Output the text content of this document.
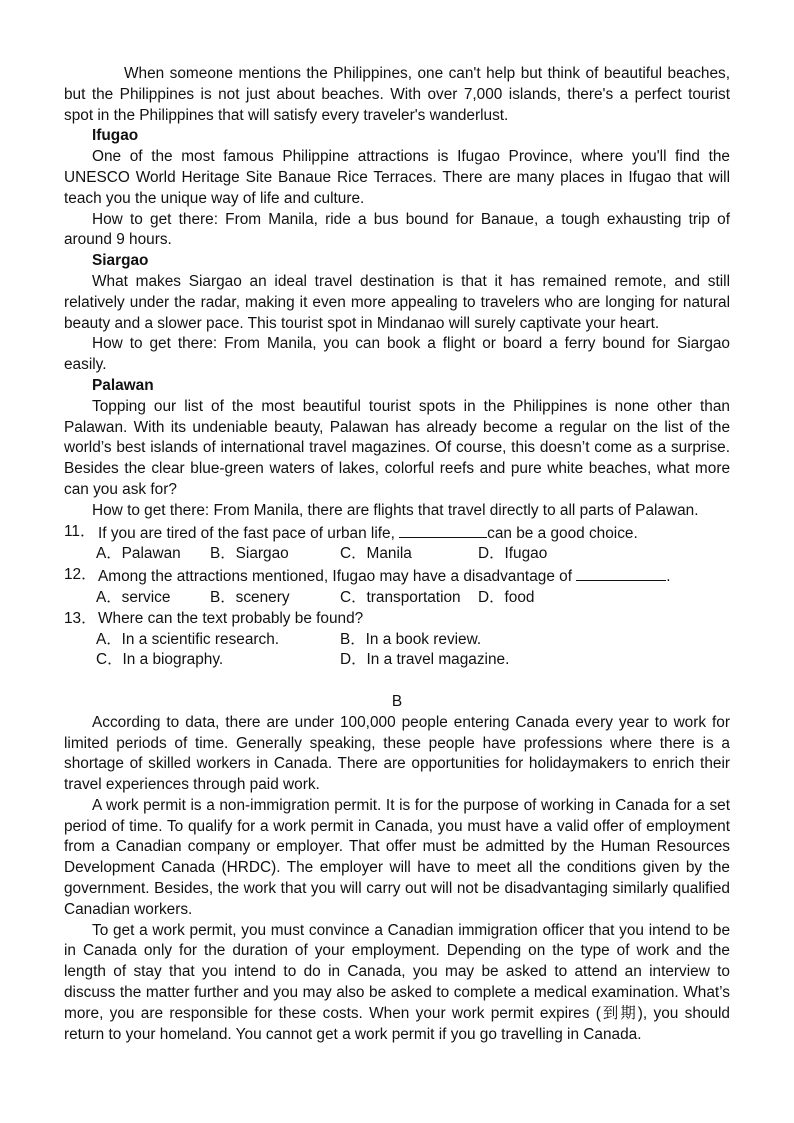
When someone mentions the Philippines, one can't help but think of beautiful beaches, but the Philippines is not just about beaches. With over 7,000 islands, there's a perfect tourist spot in the Philippines that will satisfy every traveler's wanderlust.

Ifugao

One of the most famous Philippine attractions is Ifugao Province, where you'll find the UNESCO World Heritage Site Banaue Rice Terraces. There are many places in Ifugao that will teach you the unique way of life and culture.

How to get there: From Manila, ride a bus bound for Banaue, a tough exhausting trip of around 9 hours.

Siargao

What makes Siargao an ideal travel destination is that it has remained remote, and still relatively under the radar, making it even more appealing to travelers who are longing for natural beauty and a slower pace. This tourist spot in Mindanao will surely captivate your heart.

How to get there: From Manila, you can book a flight or board a ferry bound for Siargao easily.

Palawan

Topping our list of the most beautiful tourist spots in the Philippines is none other than Palawan. With its undeniable beauty, Palawan has already become a regular on the list of the world’s best islands of international travel magazines. Of course, this doesn’t come as a surprise. Besides the clear blue-green waters of lakes, colorful reefs and pure white beaches, what more can you ask for?

How to get there: From Manila, there are flights that travel directly to all parts of Palawan.

11． If you are tired of the fast pace of urban life,	can be a good choice.
A．Palawan	B．Siargao	C．Manila	D．Ifugao
12． Among the attractions mentioned, Ifugao may have a disadvantage of	.
A．service	B．scenery	C．transportation	D．food
13． Where can the text probably be found?
A．In a scientific research.	B．In a book review.
C．In a biography.	D．In a travel magazine.

B

According to data, there are under 100,000 people entering Canada every year to work for limited periods of time. Generally speaking, these people have professions where there is a shortage of skilled workers in Canada. There are opportunities for holidaymakers to enrich their travel experiences through paid work.

A work permit is a non-immigration permit. It is for the purpose of working in Canada for a set period of time. To qualify for a work permit in Canada, you must have a valid offer of employment from a Canadian company or employer. That offer must be admitted by the Human Resources Development Canada (HRDC). The employer will have to meet all the conditions given by the government. Besides, the work that you will carry out will not be disadvantaging similarly qualified Canadian workers.

To get a work permit, you must convince a Canadian immigration officer that you intend to be in Canada only for the duration of your employment. Depending on the type of work and the length of stay that you intend to do in Canada, you may be asked to attend an interview to discuss the matter further and you may also be asked to complete a medical examination. What’s more, you are responsible for these costs. When your work permit expires (到期), you should return to your homeland. You cannot get a work permit if you go travelling in Canada.
